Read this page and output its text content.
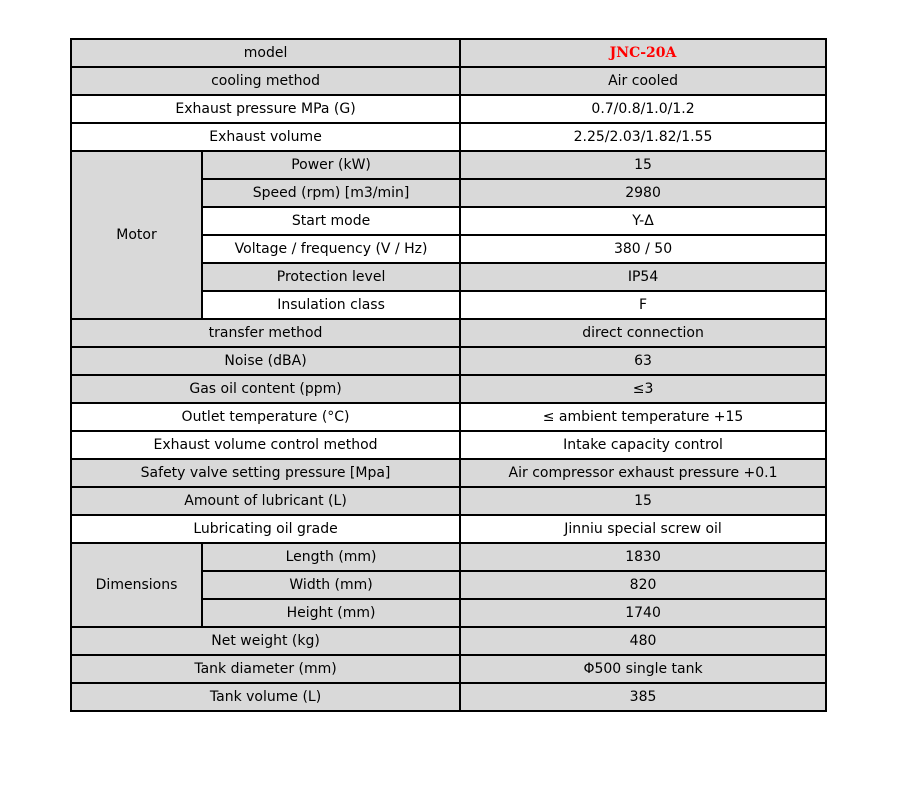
model		JNC-20A
cooling method		Air cooled
Exhaust pressure MPa (G)		0.7/0.8/1.0/1.2
Exhaust volume		2.25/2.03/1.82/1.55
Motor	Power (kW)	15
	Speed (rpm) [m3/min]	2980
	Start mode	Y-Δ
	Voltage / frequency (V / Hz)	380 / 50
	Protection level	IP54
	Insulation class	F
transfer method		direct connection
Noise (dBA)		63
Gas oil content (ppm)		≤3
Outlet temperature (°C)		≤ ambient temperature +15
Exhaust volume control method		Intake capacity control
Safety valve setting pressure [Mpa]		Air compressor exhaust pressure +0.1
Amount of lubricant (L)		15
Lubricating oil grade		Jinniu special screw oil
Dimensions	Length (mm)	1830
	Width (mm)	820
	Height (mm)	1740
Net weight (kg)		480
Tank diameter (mm)		Φ500 single tank
Tank volume (L)		385
